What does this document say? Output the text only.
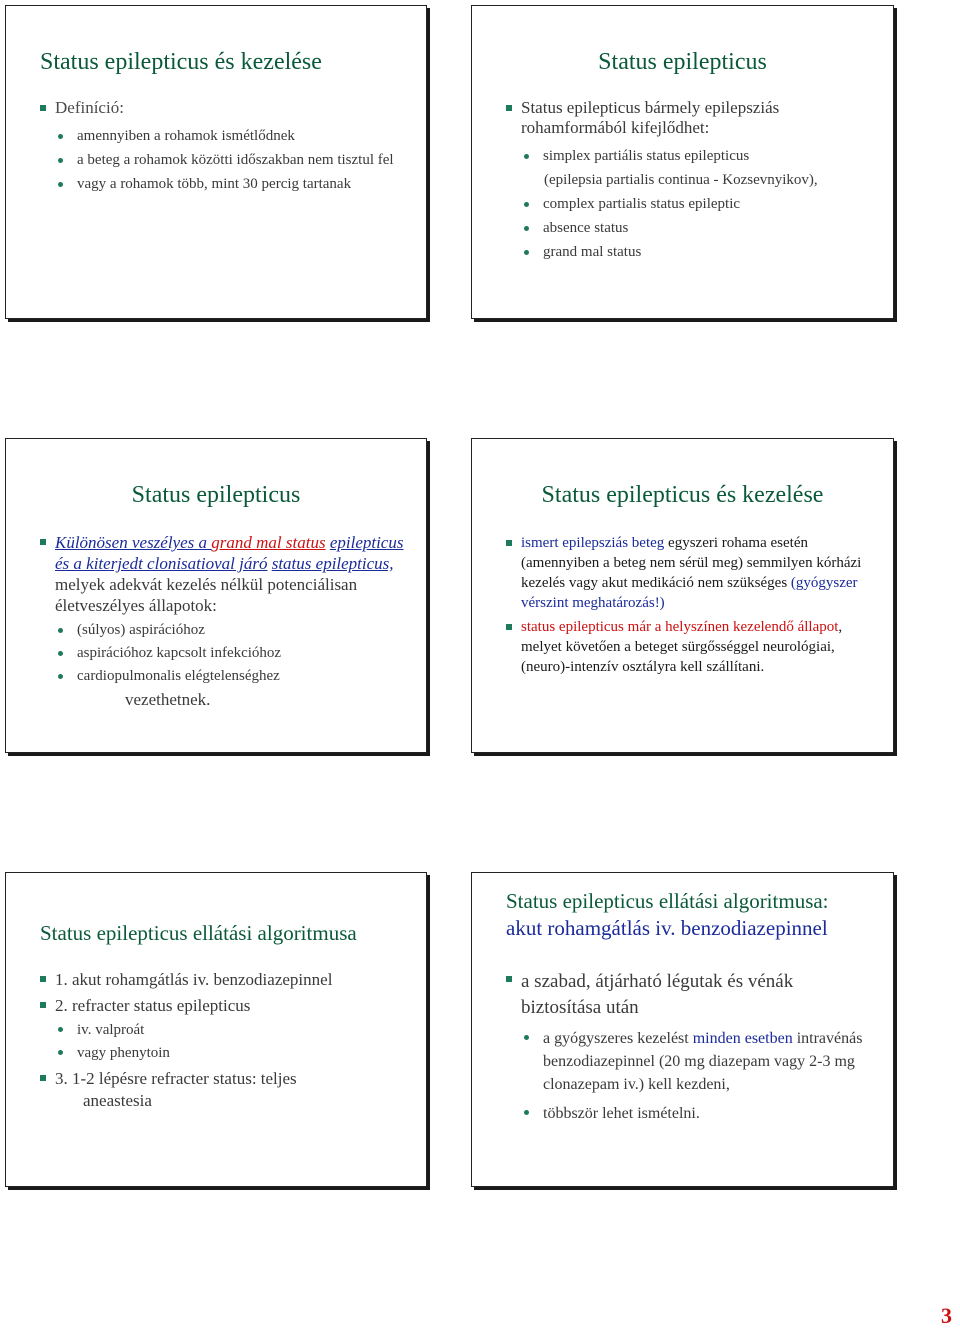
Status epilepticus és kezelése
Definíció:
amennyiben a rohamok ismétlődnek
a beteg a rohamok közötti időszakban nem tisztul fel
vagy a rohamok több, mint 30 percig tartanak
Status epilepticus
Status epilepticus bármely epilepsziás rohamformából kifejlődhet:
simplex partiális status epilepticus
(epilepsia partialis continua - Kozsevnyikov),
complex partialis status epileptic
absence status
grand mal status
Status epilepticus
Különösen veszélyes a grand mal status epilepticus és a kiterjedt clonisatioval járó status epilepticus, melyek adekvát kezelés nélkül potenciálisan életveszélyes állapotok:
(súlyos) aspirációhoz
aspirációhoz kapcsolt infekcióhoz
cardiopulmonalis elégtelenséghez
vezethetnek.
Status epilepticus és kezelése
ismert epilepsziás beteg egyszeri rohama esetén (amennyiben a beteg nem sérül meg) semmilyen kórházi kezelés vagy akut medikáció nem szükséges (gyógyszer vérszint meghatározás!)
status epilepticus már a helyszínen kezelendő állapot, melyet követően a beteget sürgősséggel neurológiai, (neuro)-intenzív osztályra kell szállítani.
Status epilepticus ellátási algoritmusa
1. akut rohamgátlás iv. benzodiazepinnel
2. refracter status epilepticus
iv. valproát
vagy phenytoin
3. 1-2 lépésre refracter status: teljes
aneastesia
Status epilepticus ellátási algoritmusa:
akut rohamgátlás iv. benzodiazepinnel
a szabad, átjárható légutak és vénák biztosítása után
a gyógyszeres kezelést minden esetben intravénás benzodiazepinnel (20 mg diazepam vagy 2-3 mg clonazepam iv.) kell kezdeni,
többször lehet ismételni.
3
